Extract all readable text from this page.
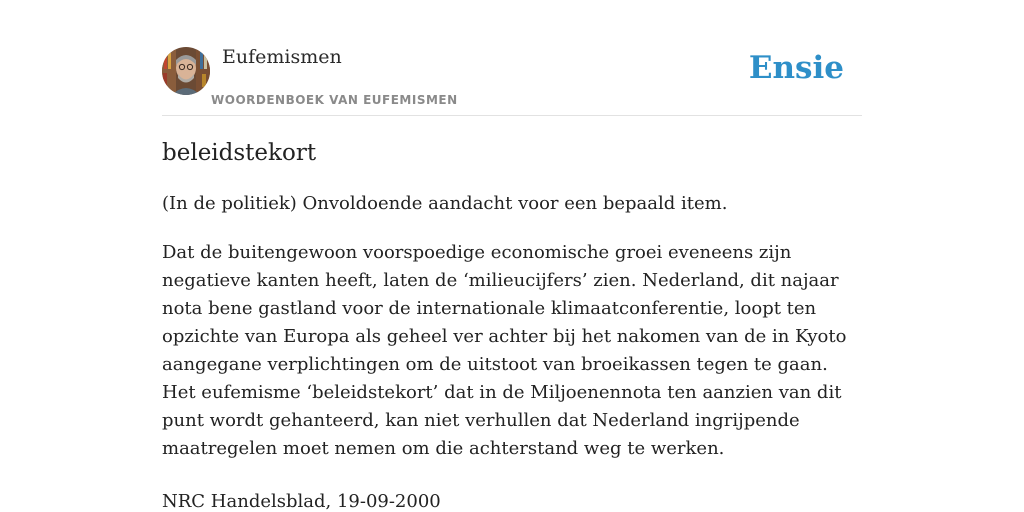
Eufemismen
WOORDENBOEK VAN EUFEMISMEN
Ensie
beleidstekort
(In de politiek) Onvoldoende aandacht voor een bepaald item.
Dat de buitengewoon voorspoedige economische groei eveneens zijn negatieve kanten heeft, laten de ‘milieucijfers’ zien. Nederland, dit najaar nota bene gastland voor de internationale klimaatconferentie, loopt ten opzichte van Europa als geheel ver achter bij het nakomen van de in Kyoto aangegane verplichtingen om de uitstoot van broeikassen tegen te gaan. Het eufemisme ‘beleidstekort’ dat in de Miljoenennota ten aanzien van dit punt wordt gehanteerd, kan niet verhullen dat Nederland ingrijpende maatregelen moet nemen om die achterstand weg te werken.
NRC Handelsblad, 19-09-2000
